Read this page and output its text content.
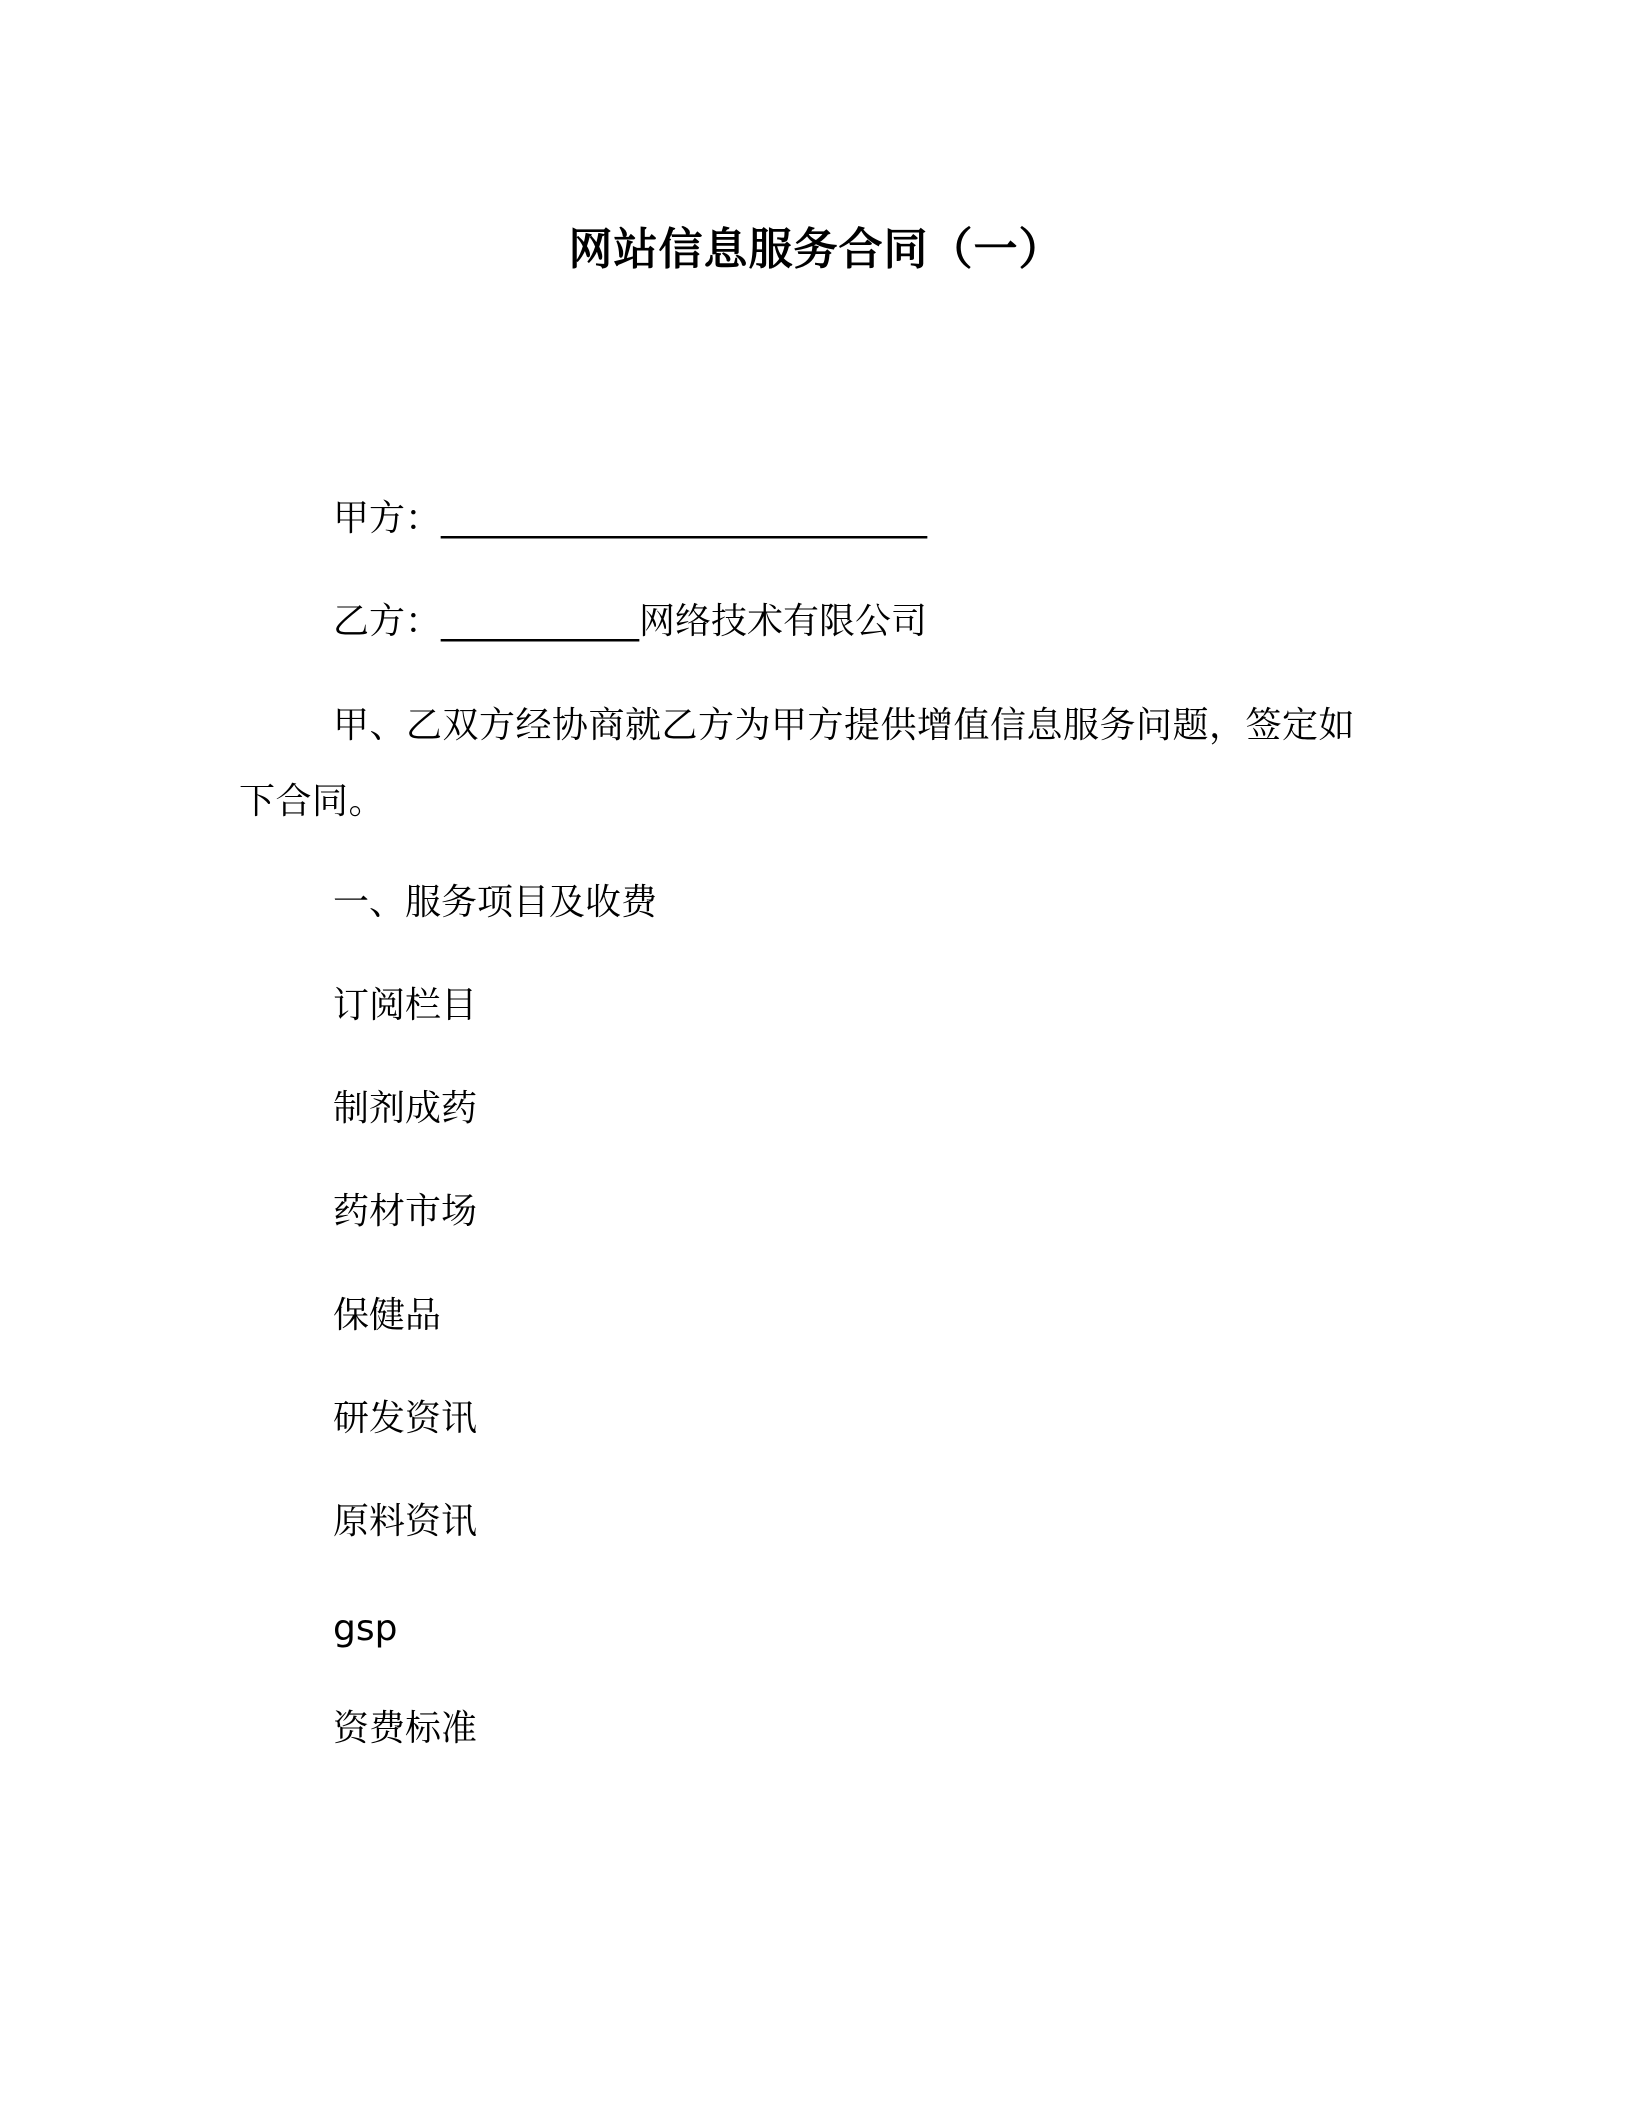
网站信息服务合同（一）
甲方：___________________________
乙方：___________网络技术有限公司
甲、乙双方经协商就乙方为甲方提供增值信息服务问题，签定如下合同。
一、服务项目及收费
订阅栏目
制剂成药
药材市场
保健品
研发资讯
原料资讯
gsp
资费标准
